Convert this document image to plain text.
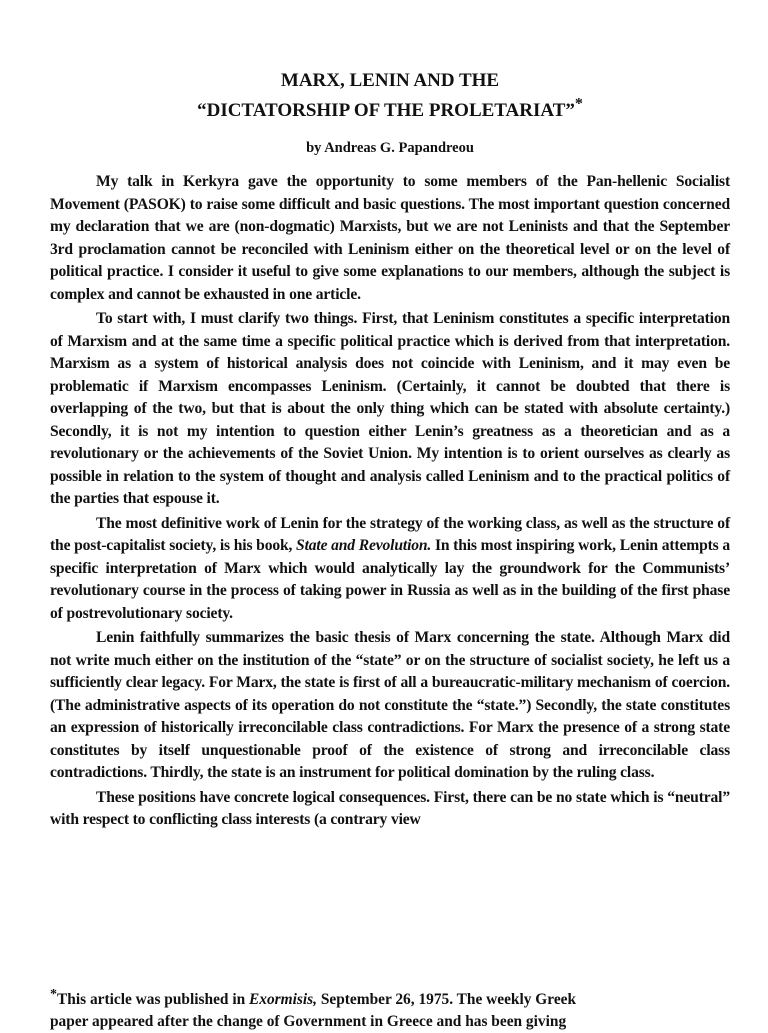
MARX, LENIN AND THE
“DICTATORSHIP OF THE PROLETARIAT”*
by Andreas G. Papandreou

My talk in Kerkyra gave the opportunity to some members of the Pan-hellenic Socialist Movement (PASOK) to raise some difficult and basic questions. The most important question concerned my declaration that we are (non-dogmatic) Marxists, but we are not Leninists and that the September 3rd proclamation cannot be reconciled with Leninism either on the theoretical level or on the level of political practice. I consider it useful to give some explanations to our members, although the subject is complex and cannot be exhausted in one article.

To start with, I must clarify two things. First, that Leninism constitutes a specific interpretation of Marxism and at the same time a specific political practice which is derived from that interpretation. Marxism as a system of historical analysis does not coincide with Leninism, and it may even be problematic if Marxism encompasses Leninism. (Certainly, it cannot be doubted that there is overlapping of the two, but that is about the only thing which can be stated with absolute certainty.) Secondly, it is not my intention to question either Lenin’s greatness as a theoretician and as a revolutionary or the achievements of the Soviet Union. My intention is to orient ourselves as clearly as possible in relation to the system of thought and analysis called Leninism and to the practical politics of the parties that espouse it.

The most definitive work of Lenin for the strategy of the working class, as well as the structure of the post-capitalist society, is his book, State and Revolution. In this most inspiring work, Lenin attempts a specific interpretation of Marx which would analytically lay the groundwork for the Communists’ revolutionary course in the process of taking power in Russia as well as in the building of the first phase of postrevolutionary society.

Lenin faithfully summarizes the basic thesis of Marx concerning the state. Although Marx did not write much either on the institution of the “state” or on the structure of socialist society, he left us a sufficiently clear legacy. For Marx, the state is first of all a bureaucratic-military mechanism of coercion. (The administrative aspects of its operation do not constitute the “state.”) Secondly, the state constitutes an expression of historically irreconcilable class contradictions. For Marx the presence of a strong state constitutes by itself unquestionable proof of the existence of strong and irreconcilable class contradictions. Thirdly, the state is an instrument for political domination by the ruling class.

These positions have concrete logical consequences. First, there can be no state which is “neutral” with respect to conflicting class interests (a contrary view

*This article was published in Exormisis, September 26, 1975. The weekly Greek
paper appeared after the change of Government in Greece and has been giving
